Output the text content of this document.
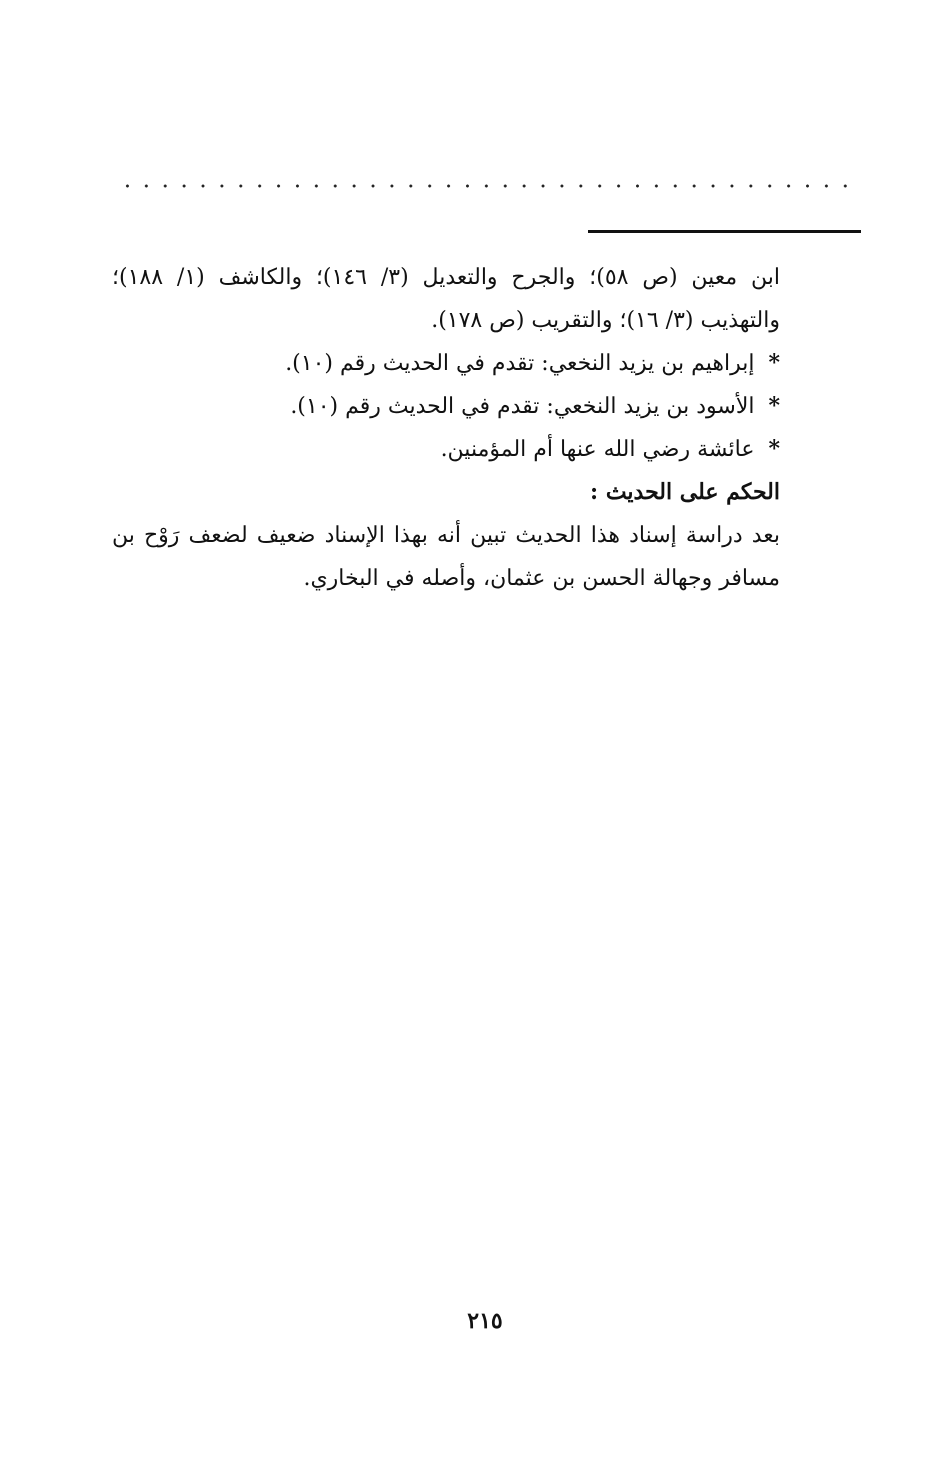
ابن معين (ص ٥٨)؛ والجرح والتعديل (٣/ ١٤٦)؛ والكاشف (١/ ١٨٨)؛
والتهذيب (٣/ ١٦)؛ والتقريب (ص ١٧٨).
*إبراهيم بن يزيد النخعي: تقدم في الحديث رقم (١٠).
*الأسود بن يزيد النخعي: تقدم في الحديث رقم (١٠).
*عائشة رضي الله عنها أم المؤمنين.
الحكم على الحديث :
بعد دراسة إسناد هذا الحديث تبين أنه بهذا الإسناد ضعيف لضعف رَوْح بن
مسافر وجهالة الحسن بن عثمان، وأصله في البخاري.
٢١٥
